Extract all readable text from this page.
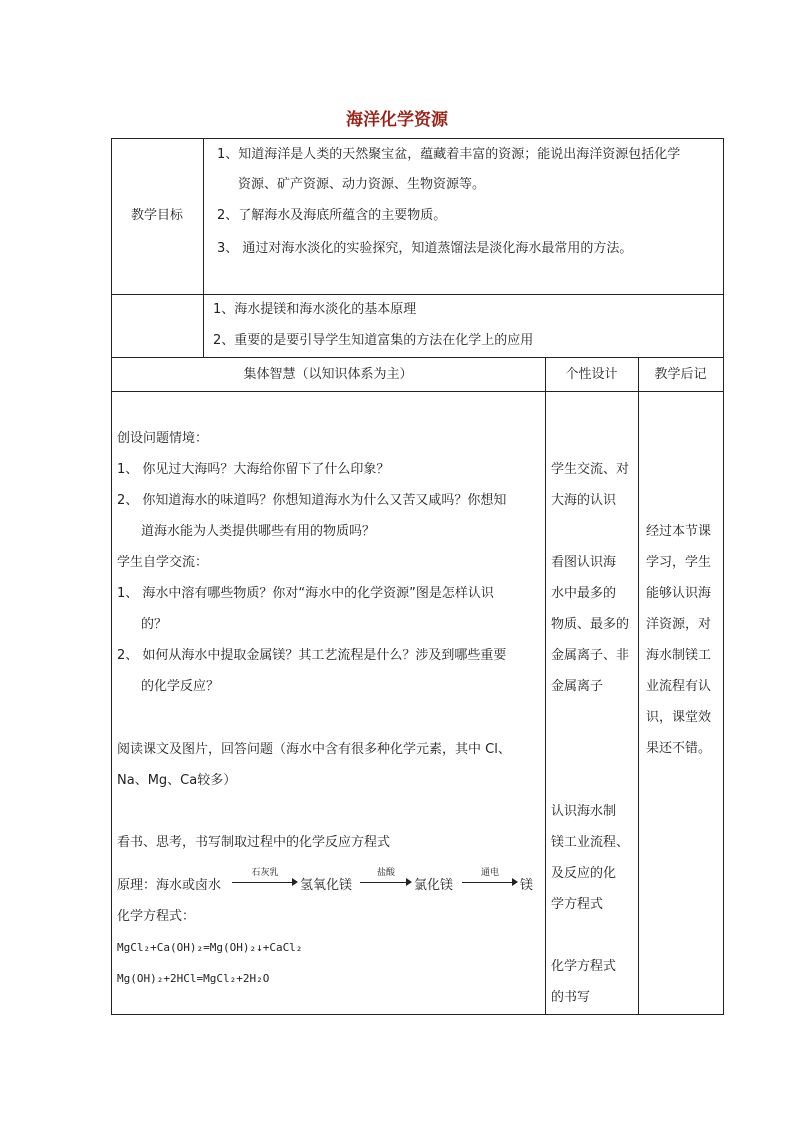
海洋化学资源
教学目标
1、知道海洋是人类的天然聚宝盆，蕴藏着丰富的资源；能说出海洋资源包括化学
资源、矿产资源、动力资源、生物资源等。
2、了解海水及海底所蕴含的主要物质。
3、 通过对海水淡化的实验探究，知道蒸馏法是淡化海水最常用的方法。
1、海水提镁和海水淡化的基本原理
2、重要的是要引导学生知道富集的方法在化学上的应用
集体智慧（以知识体系为主）	个性设计	教学后记
创设问题情境：
1、 你见过大海吗？大海给你留下了什么印象？
2、 你知道海水的味道吗？你想知道海水为什么又苦又咸吗？你想知
道海水能为人类提供哪些有用的物质吗？
学生自学交流：
1、 海水中溶有哪些物质？你对“海水中的化学资源”图是怎样认识
的？
2、 如何从海水中提取金属镁？其工艺流程是什么？涉及到哪些重要
的化学反应？
阅读课文及图片，回答问题（海水中含有很多种化学元素，其中 Cl、
Na、Mg、Ca较多）
看书、思考，书写制取过程中的化学反应方程式
原理：海水或卤水
石灰乳
氢氧化镁
盐酸
氯化镁
通电
镁
化学方程式：
MgCl₂+Ca(OH)₂=Mg(OH)₂↓+CaCl₂
Mg(OH)₂+2HCl=MgCl₂+2H₂O
学生交流、对
大海的认识
看图认识海
水中最多的
物质、最多的
金属离子、非
金属离子
认识海水制
镁工业流程、
及反应的化
学方程式
化学方程式
的书写
经过本节课
学习，学生
能够认识海
洋资源，对
海水制镁工
业流程有认
识，课堂效
果还不错。
